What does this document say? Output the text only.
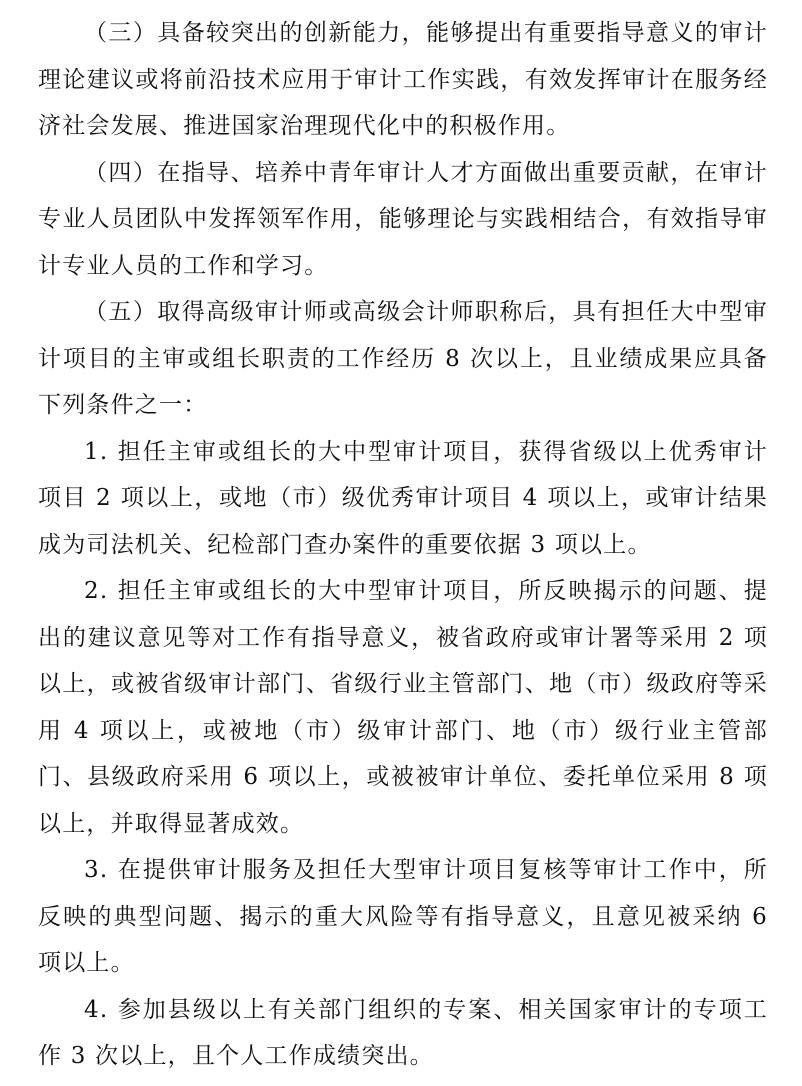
（三）具备较突出的创新能力，能够提出有重要指导意义的审计理论建议或将前沿技术应用于审计工作实践，有效发挥审计在服务经济社会发展、推进国家治理现代化中的积极作用。

（四）在指导、培养中青年审计人才方面做出重要贡献，在审计专业人员团队中发挥领军作用，能够理论与实践相结合，有效指导审计专业人员的工作和学习。

（五）取得高级审计师或高级会计师职称后，具有担任大中型审计项目的主审或组长职责的工作经历 8 次以上，且业绩成果应具备下列条件之一：

1. 担任主审或组长的大中型审计项目，获得省级以上优秀审计项目 2 项以上，或地（市）级优秀审计项目 4 项以上，或审计结果成为司法机关、纪检部门查办案件的重要依据 3 项以上。

2. 担任主审或组长的大中型审计项目，所反映揭示的问题、提出的建议意见等对工作有指导意义，被省政府或审计署等采用 2 项以上，或被省级审计部门、省级行业主管部门、地（市）级政府等采用 4 项以上，或被地（市）级审计部门、地（市）级行业主管部门、县级政府采用 6 项以上，或被被审计单位、委托单位采用 8 项以上，并取得显著成效。

3. 在提供审计服务及担任大型审计项目复核等审计工作中，所反映的典型问题、揭示的重大风险等有指导意义，且意见被采纳 6 项以上。

4. 参加县级以上有关部门组织的专案、相关国家审计的专项工作 3 次以上，且个人工作成绩突出。
